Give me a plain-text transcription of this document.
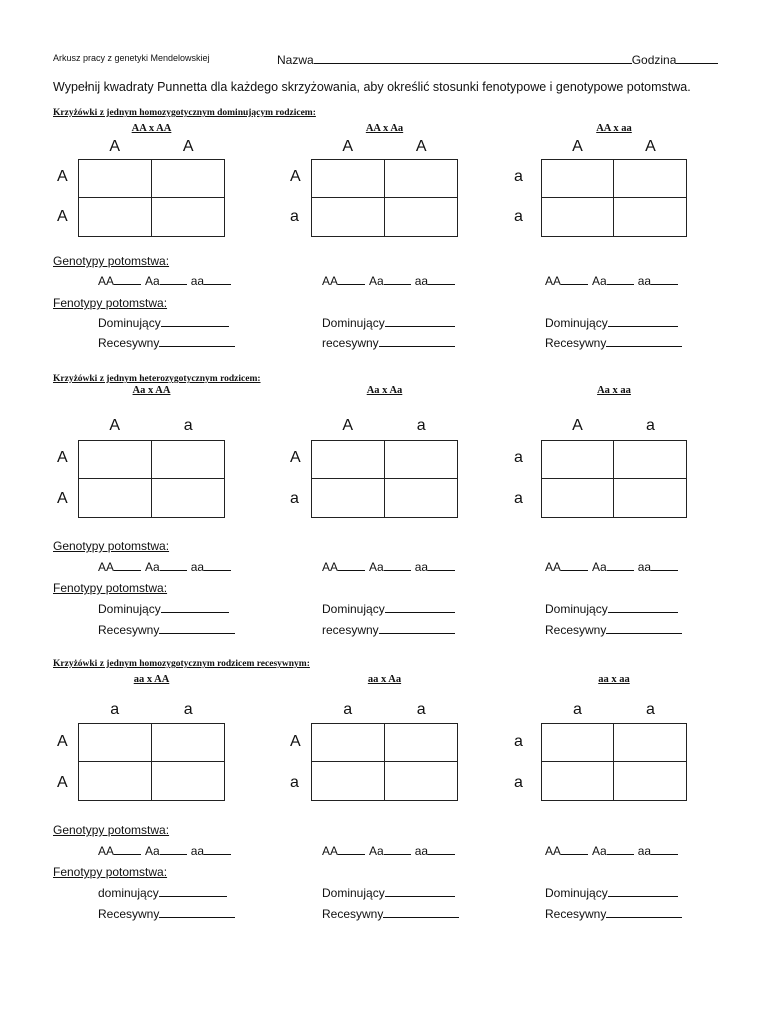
Arkusz pracy z genetyki Mendelowskiej	Nazwa	Godzina
Wypełnij kwadraty Punnetta dla każdego skrzyżowania, aby określić stosunki fenotypowe i genotypowe potomstwa.
Krzyżówki z jednym homozygotycznym dominującym rodzicem:
AA x AA
A	A
A
A
AA	Aa	aa
Dominujący
Recesywny
AA x Aa
A	A
A
a
AA	Aa	aa
Dominujący
recesywny
AA x aa
A	A
a
a
AA	Aa	aa
Dominujący
Recesywny
Genotypy potomstwa:
Fenotypy potomstwa:
Krzyżówki z jednym heterozygotycznym rodzicem:
Aa x AA
A	a
A
A
AA	Aa	aa
Dominujący
Recesywny
Aa x Aa
A	a
A
a
AA	Aa	aa
Dominujący
recesywny
Aa x aa
A	a
a
a
AA	Aa	aa
Dominujący
Recesywny
Genotypy potomstwa:
Fenotypy potomstwa:
Krzyżówki z jednym homozygotycznym rodzicem recesywnym:
aa x AA
a	a
A
A
AA	Aa	aa
dominujący
Recesywny
aa x Aa
a	a
A
a
AA	Aa	aa
Dominujący
Recesywny
aa x aa
a	a
a
a
AA	Aa	aa
Dominujący
Recesywny
Genotypy potomstwa:
Fenotypy potomstwa:
